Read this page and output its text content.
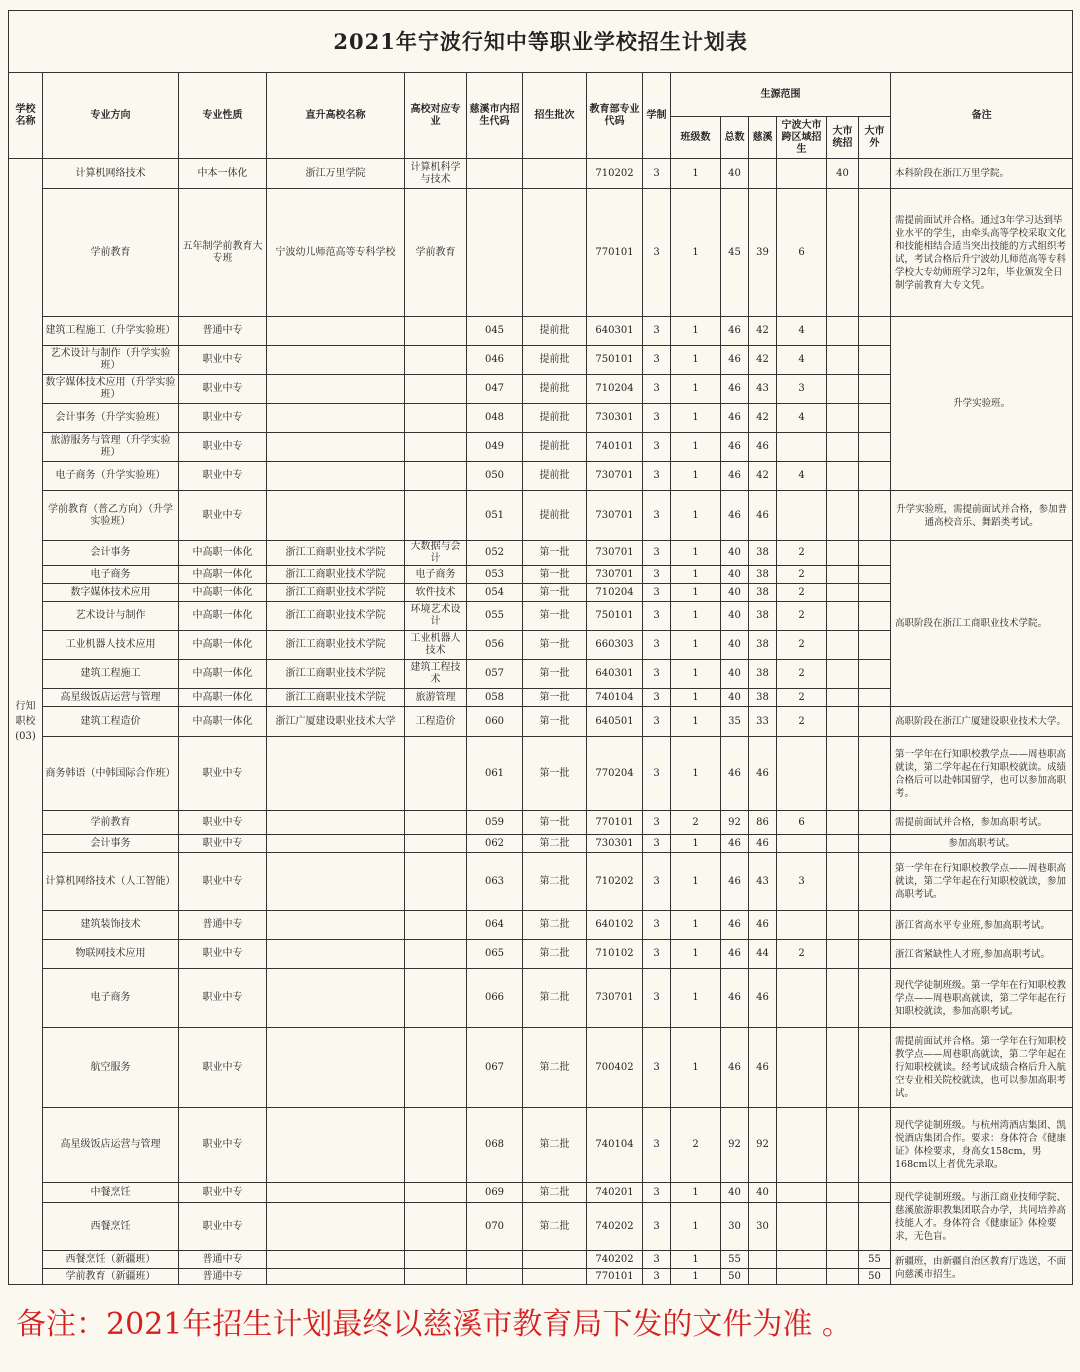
2021年宁波行知中等职业学校招生计划表															
学校名称	专业方向	专业性质	直升高校名称	高校对应专业	慈溪市内招生代码	招生批次	教育部专业代码	学制	生源范围						备注
									班级数	总数	慈溪	宁波大市跨区域招生	大市统招	大市外	
行知职校(03)	计算机网络技术	中本一体化	浙江万里学院	计算机科学与技术			710202	3	1	40			40		本科阶段在浙江万里学院。
	学前教育	五年制学前教育大专班	宁波幼儿师范高等专科学校	学前教育			770101	3	1	45	39	6			需提前面试并合格。通过3年学习达到毕业水平的学生，由牵头高等学校采取文化和技能相结合适当突出技能的方式组织考试，考试合格后升宁波幼儿师范高等专科学校大专幼师班学习2年，毕业颁发全日制学前教育大专文凭。
	建筑工程施工（升学实验班）	普通中专			045	提前批	640301	3	1	46	42	4			升学实验班。
	艺术设计与制作（升学实验班）	职业中专			046	提前批	750101	3	1	46	42	4			
	数字媒体技术应用（升学实验班）	职业中专			047	提前批	710204	3	1	46	43	3			
	会计事务（升学实验班）	职业中专			048	提前批	730301	3	1	46	42	4			
	旅游服务与管理（升学实验班）	职业中专			049	提前批	740101	3	1	46	46				
	电子商务（升学实验班）	职业中专			050	提前批	730701	3	1	46	42	4			
	学前教育（普乙方向）（升学实验班）	职业中专			051	提前批	730701	3	1	46	46				升学实验班，需提前面试并合格，参加普通高校音乐、舞蹈类考试。
	会计事务	中高职一体化	浙江工商职业技术学院	大数据与会计	052	第一批	730701	3	1	40	38	2			高职阶段在浙江工商职业技术学院。
	电子商务	中高职一体化	浙江工商职业技术学院	电子商务	053	第一批	730701	3	1	40	38	2			
	数字媒体技术应用	中高职一体化	浙江工商职业技术学院	软件技术	054	第一批	710204	3	1	40	38	2			
	艺术设计与制作	中高职一体化	浙江工商职业技术学院	环境艺术设计	055	第一批	750101	3	1	40	38	2			
	工业机器人技术应用	中高职一体化	浙江工商职业技术学院	工业机器人技术	056	第一批	660303	3	1	40	38	2			
	建筑工程施工	中高职一体化	浙江工商职业技术学院	建筑工程技术	057	第一批	640301	3	1	40	38	2			
	高星级饭店运营与管理	中高职一体化	浙江工商职业技术学院	旅游管理	058	第一批	740104	3	1	40	38	2			
	建筑工程造价	中高职一体化	浙江广厦建设职业技术大学	工程造价	060	第一批	640501	3	1	35	33	2			高职阶段在浙江广厦建设职业技术大学。
	商务韩语（中韩国际合作班）	职业中专			061	第一批	770204	3	1	46	46				第一学年在行知职校教学点——周巷职高就读，第二学年起在行知职校就读。成绩合格后可以赴韩国留学，也可以参加高职考。
	学前教育	职业中专			059	第一批	770101	3	2	92	86	6			需提前面试并合格，参加高职考试。
	会计事务	职业中专			062	第二批	730301	3	1	46	46				参加高职考试。
	计算机网络技术（人工智能）	职业中专			063	第二批	710202	3	1	46	43	3			第一学年在行知职校教学点——周巷职高就读，第二学年起在行知职校就读，参加高职考试。
	建筑装饰技术	普通中专			064	第二批	640102	3	1	46	46				浙江省高水平专业班,参加高职考试。
	物联网技术应用	职业中专			065	第二批	710102	3	1	46	44	2			浙江省紧缺性人才班,参加高职考试。
	电子商务	职业中专			066	第二批	730701	3	1	46	46				现代学徒制班级。第一学年在行知职校教学点——周巷职高就读，第二学年起在行知职校就读，参加高职考试。
	航空服务	职业中专			067	第二批	700402	3	1	46	46				需提前面试并合格。第一学年在行知职校教学点——周巷职高就读，第二学年起在行知职校就读。经考试成绩合格后升入航空专业相关院校就读，也可以参加高职考试。
	高星级饭店运营与管理	职业中专			068	第二批	740104	3	2	92	92				现代学徒制班级。与杭州湾酒店集团、凯悦酒店集团合作。要求：身体符合《健康证》体检要求，身高女158cm，男168cm以上者优先录取。
	中餐烹饪	职业中专			069	第二批	740201	3	1	40	40				现代学徒制班级。与浙江商业技师学院、慈溪旅游职教集团联合办学，共同培养高技能人才。身体符合《健康证》体检要求，无色盲。
	西餐烹饪	职业中专			070	第二批	740202	3	1	30	30				
	西餐烹饪（新疆班）	普通中专					740202	3	1	55				55	新疆班，由新疆自治区教育厅选送，不面向慈溪市招生。
	学前教育（新疆班）	普通中专					770101	3	1	50				50	
备注：2021年招生计划最终以慈溪市教育局下发的文件为准 。
